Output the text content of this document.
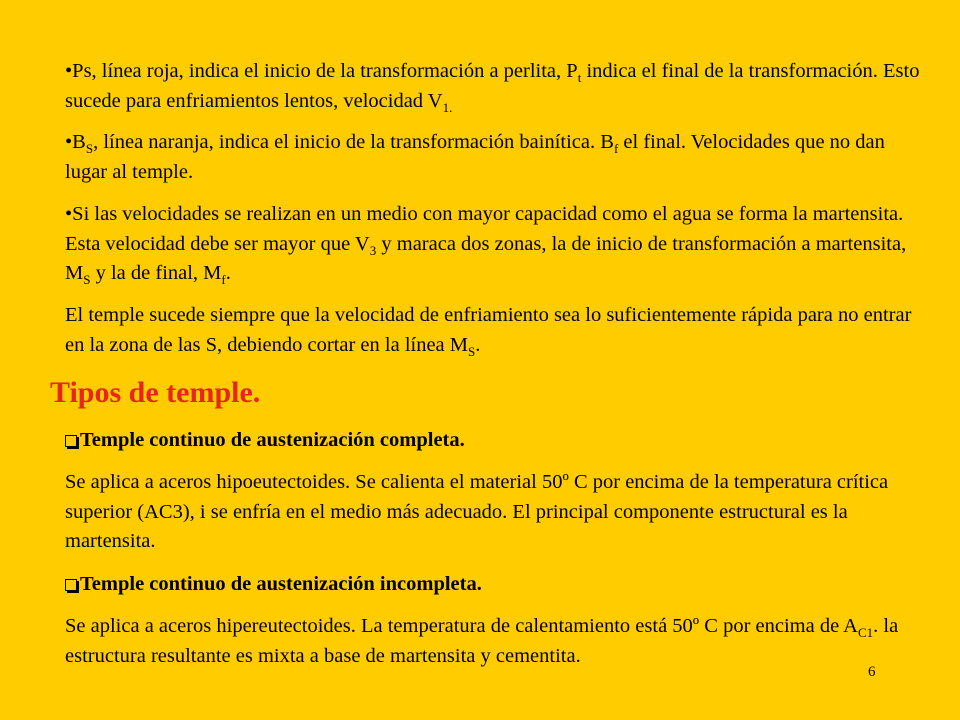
•Ps, línea roja, indica el inicio de la transformación a perlita, $P_t$ indica el final de la transformación. Esto sucede para enfriamientos lentos, velocidad $V_{1.}$

$•B_S$, línea naranja, indica el inicio de la transformación bainítica. $B_f$ el final. Velocidades que no dan lugar al temple.

•Si las velocidades se realizan en un medio con mayor capacidad como el agua se forma la martensita. Esta velocidad debe ser mayor que $V_3$ y maraca dos zonas, la de inicio de transformación a martensita, $M_S$ y la de final, $M_f$.

El temple sucede siempre que la velocidad de enfriamiento sea lo suficientemente rápida para no entrar en la zona de las S, debiendo cortar en la línea $M_S$.

Tipos de temple.

Temple continuo de austenización completa.

Se aplica a aceros hipoeutectoides. Se calienta el material 50º C por encima de la temperatura crítica superior (AC3), i se enfría en el medio más adecuado. El principal componente estructural es la martensita.

Temple continuo de austenización incompleta.

Se aplica a aceros hipereutectoides. La temperatura de calentamiento está 50º C por encima de $A_{C1}$. la estructura resultante es mixta a base de martensita y cementita.

6
